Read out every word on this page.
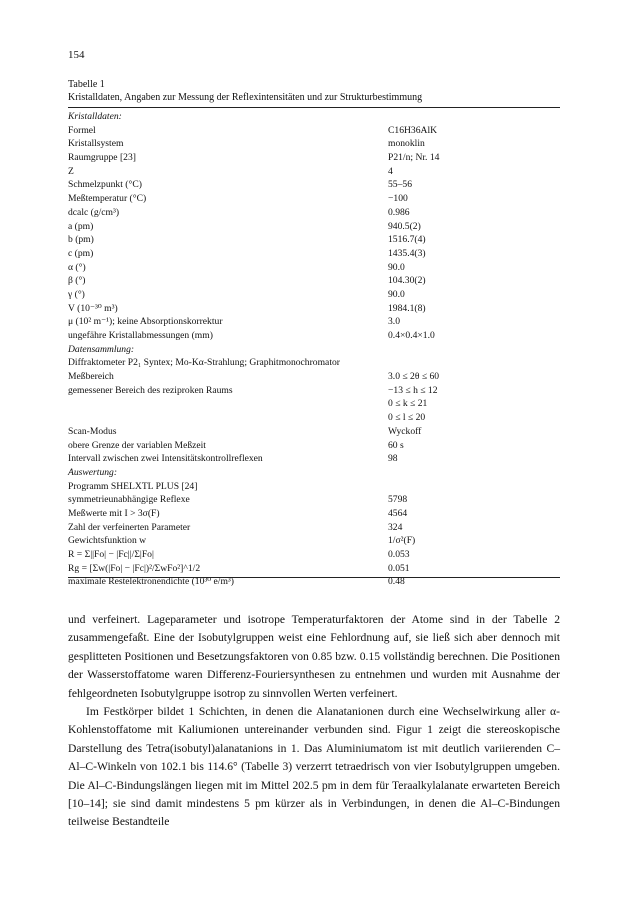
154
Tabelle 1
Kristalldaten, Angaben zur Messung der Reflexintensitäten und zur Strukturbestimmung
Kristalldaten:
Formel	C16H36AlK
Kristallsystem	monoklin
Raumgruppe [23]	P21/n; Nr. 14
Z	4
Schmelzpunkt (°C)	55–56
Meßtemperatur (°C)	−100
dcalc (g/cm³)	0.986
a (pm)	940.5(2)
b (pm)	1516.7(4)
c (pm)	1435.4(3)
α (°)	90.0
β (°)	104.30(2)
γ (°)	90.0
V (10⁻³⁰ m³)	1984.1(8)
μ (10² m⁻¹); keine Absorptionskorrektur	3.0
ungefähre Kristallabmessungen (mm)	0.4×0.4×1.0
Datensammlung:
Diffraktometer P2₁ Syntex; Mo-Kα-Strahlung; Graphitmonochromator
Meßbereich	3.0 ≤ 2θ ≤ 60
gemessener Bereich des reziproken Raums	−13 ≤ h ≤ 12
0 ≤ k ≤ 21
0 ≤ l ≤ 20
Scan-Modus	Wyckoff
obere Grenze der variablen Meßzeit	60 s
Intervall zwischen zwei Intensitätskontrollreflexen	98
Auswertung:
Programm SHELXTL PLUS [24]
symmetrieunabhängige Reflexe	5798
Meßwerte mit I > 3σ(F)	4564
Zahl der verfeinerten Parameter	324
Gewichtsfunktion w	1/σ²(F)
R = Σ||Fo| − |Fc||/Σ|Fo|	0.053
Rg = [Σw(|Fo| − |Fc|)²/ΣwFo²]^1/2	0.051
maximale Restelektronendichte (10³⁰ e/m³)	0.48

und verfeinert. Lageparameter und isotrope Temperaturfaktoren der Atome sind in der Tabelle 2 zusammengefaßt. Eine der Isobutylgruppen weist eine Fehlordnung auf, sie ließ sich aber dennoch mit gesplitteten Positionen und Besetzungsfaktoren von 0.85 bzw. 0.15 vollständig berechnen. Die Positionen der Wasserstoffatome waren Differenz-Fouriersynthesen zu entnehmen und wurden mit Ausnahme der fehlgeordneten Isobutylgruppe isotrop zu sinnvollen Werten verfeinert.

Im Festkörper bildet 1 Schichten, in denen die Alanatanionen durch eine Wechselwirkung aller α-Kohlenstoffatome mit Kaliumionen untereinander verbunden sind. Figur 1 zeigt die stereoskopische Darstellung des Tetra(isobutyl)alanatanions in 1. Das Aluminiumatom ist mit deutlich variierenden C–Al–C-Winkeln von 102.1 bis 114.6° (Tabelle 3) verzerrt tetraedrisch von vier Isobutylgruppen umgeben. Die Al–C-Bindungslängen liegen mit im Mittel 202.5 pm in dem für Teraalkylalanate erwarteten Bereich [10–14]; sie sind damit mindestens 5 pm kürzer als in Verbindungen, in denen die Al–C-Bindungen teilweise Bestandteile
